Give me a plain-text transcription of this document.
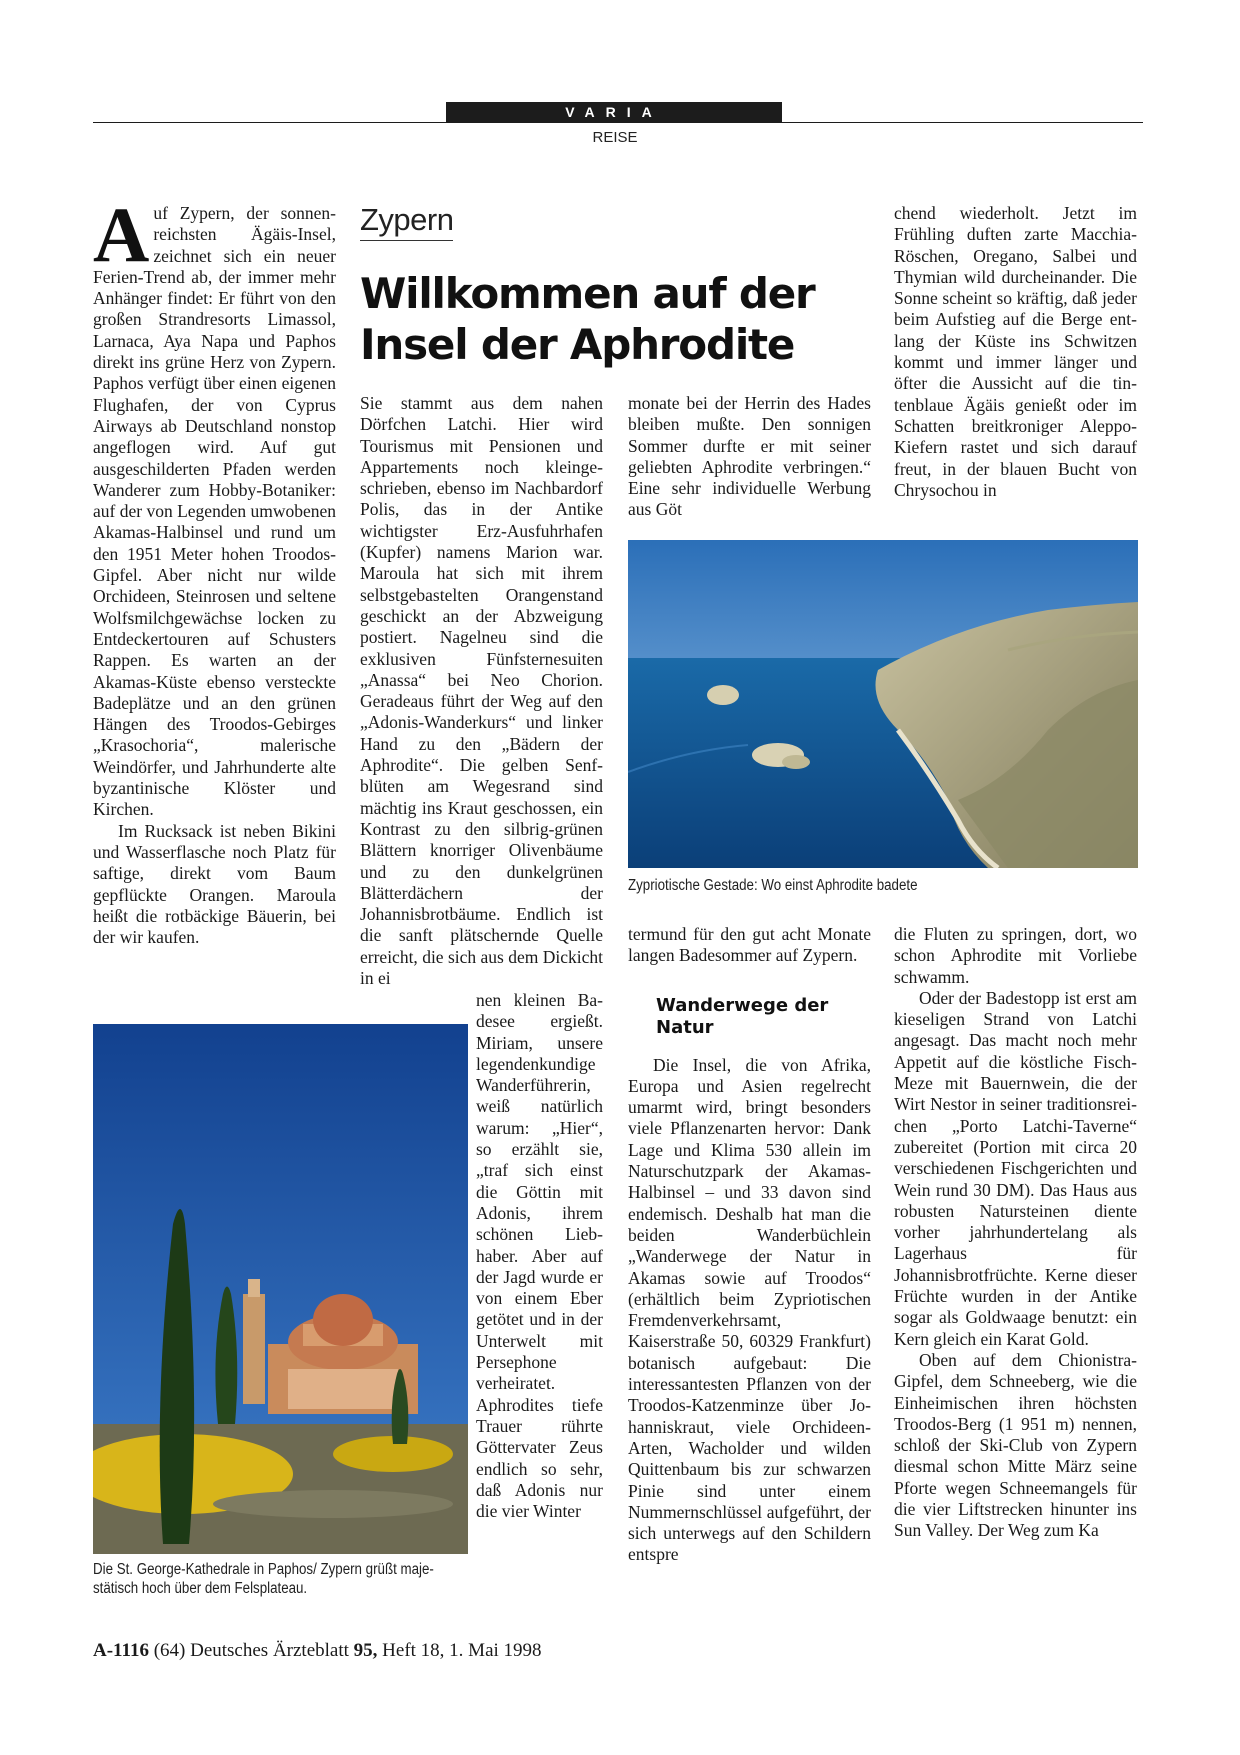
VARIA
REISE
Zypern
Willkommen auf der Insel der Aphrodite
A uf Zypern, der sonnenreichsten Ägäis-Insel, zeichnet sich ein neuer Ferien-Trend ab, der immer mehr Anhänger findet: Er führt von den großen Strandresorts Limassol, Larnaca, Aya Napa und Paphos direkt ins grüne Herz von Zypern. Paphos verfügt über einen eigenen Flughafen, der von Cyprus Airways ab Deutschland nonstop angeflogen wird. Auf gut ausgeschilderten Pfaden werden Wanderer zum Hobby-Botaniker: auf der von Legenden umwobenen Akamas-Halbinsel und rund um den 1951 Meter hohen Troodos-Gipfel. Aber nicht nur wilde Orchideen, Steinrosen und seltene Wolfsmilchgewächse locken zu Entdeckertouren auf Schusters Rappen. Es warten an der Akamas-Küste ebenso versteckte Badeplätze und an den grünen Hängen des Troodos-Gebirges „Krasochoria“, malerische Weindörfer, und Jahrhunderte alte byzantinische Klöster und Kirchen.

Im Rucksack ist neben Bikini und Wasserflasche noch Platz für saftige, direkt vom Baum gepflückte Orangen. Maroula heißt die rotbäckige Bäuerin, bei der wir kaufen.

Sie stammt aus dem nahen Dörfchen Latchi. Hier wird Tourismus mit Pensionen und Appartements noch kleingeschrieben, ebenso im Nachbardorf Polis, das in der Antike wichtigster Erz-Ausfuhrhafen (Kupfer) namens Marion war. Maroula hat sich mit ihrem selbstgebastelten Orangenstand geschickt an der Abzweigung postiert. Nagelneu sind die exklusiven Fünfsternesuiten „Anassa“ bei Neo Chorion. Geradeaus führt der Weg auf den „Adonis-Wanderkurs“ und linker Hand zu den „Bädern der Aphrodite“. Die gelben Senfblüten am Wegesrand sind mächtig ins Kraut geschossen, ein Kontrast zu den silbrig-grünen Blättern knorriger Olivenbäume und zu den dunkelgrünen Blätterdächern der Johannisbrotbäume. Endlich ist die sanft plätschernde Quelle erreicht, die sich aus dem Dickicht in ei

nen kleinen Badesee ergießt. Miriam, unsere legendenkundige Wanderführerin, weiß natürlich warum: „Hier“, so erzählt sie, „traf sich einst die Göttin mit Adonis, ihrem schönen Liebhaber. Aber auf der Jagd wurde er von einem Eber getötet und in der Unterwelt mit Persephone verheiratet. Aphrodites tiefe Trauer rührte Göttervater Zeus endlich so sehr, daß Adonis nur die vier Winter

monate bei der Herrin des Hades bleiben mußte. Den sonnigen Sommer durfte er mit seiner geliebten Aphrodite verbringen.“ Eine sehr individuelle Werbung aus Göt

termund für den gut acht Monate langen Badesommer auf Zypern.

Wanderwege der Natur

Die Insel, die von Afrika, Europa und Asien regelrecht umarmt wird, bringt besonders viele Pflanzenarten hervor: Dank Lage und Klima 530 allein im Naturschutzpark der Akamas-Halbinsel – und 33 davon sind endemisch. Deshalb hat man die beiden Wanderbüchlein „Wanderwege der Natur in Akamas sowie auf Troodos“ (erhältlich beim Zypriotischen Fremdenverkehrsamt, Kaiserstraße 50, 60329 Frankfurt) botanisch aufgebaut: Die interessantesten Pflanzen von der Troodos-Katzenminze über Johanniskraut, viele Orchideen-Arten, Wacholder und wilden Quittenbaum bis zur schwarzen Pinie sind unter einem Nummernschlüssel aufgeführt, der sich unterwegs auf den Schildern entspre

chend wiederholt. Jetzt im Frühling duften zarte Macchia-Röschen, Oregano, Salbei und Thymian wild durcheinander. Die Sonne scheint so kräftig, daß jeder beim Aufstieg auf die Berge entlang der Küste ins Schwitzen kommt und immer länger und öfter die Aussicht auf die tintenblaue Ägäis genießt oder im Schatten breitkroniger Aleppo-Kiefern rastet und sich darauf freut, in der blauen Bucht von Chrysochou in

die Fluten zu springen, dort, wo schon Aphrodite mit Vorliebe schwamm.

Oder der Badestopp ist erst am kieseligen Strand von Latchi angesagt. Das macht noch mehr Appetit auf die köstliche Fisch-Meze mit Bauernwein, die der Wirt Nestor in seiner traditionsreichen „Porto Latchi-Taverne“ zubereitet (Portion mit circa 20 verschiedenen Fischgerichten und Wein rund 30 DM). Das Haus aus robusten Natursteinen diente vorher jahrhundertelang als Lagerhaus für Johannisbrotfrüchte. Kerne dieser Früchte wurden in der Antike sogar als Goldwaage benutzt: ein Kern gleich ein Karat Gold.

Oben auf dem Chionistra-Gipfel, dem Schneeberg, wie die Einheimischen ihren höchsten Troodos-Berg (1 951 m) nennen, schloß der Ski-Club von Zypern diesmal schon Mitte März seine Pforte wegen Schneemangels für die vier Liftstrecken hinunter ins Sun Valley. Der Weg zum Ka

Zypriotische Gestade: Wo einst Aphrodite badete
Die St. George-Kathedrale in Paphos/ Zypern grüßt majestätisch hoch über dem Felsplateau.
A-1116 (64) Deutsches Ärzteblatt 95, Heft 18, 1. Mai 1998
